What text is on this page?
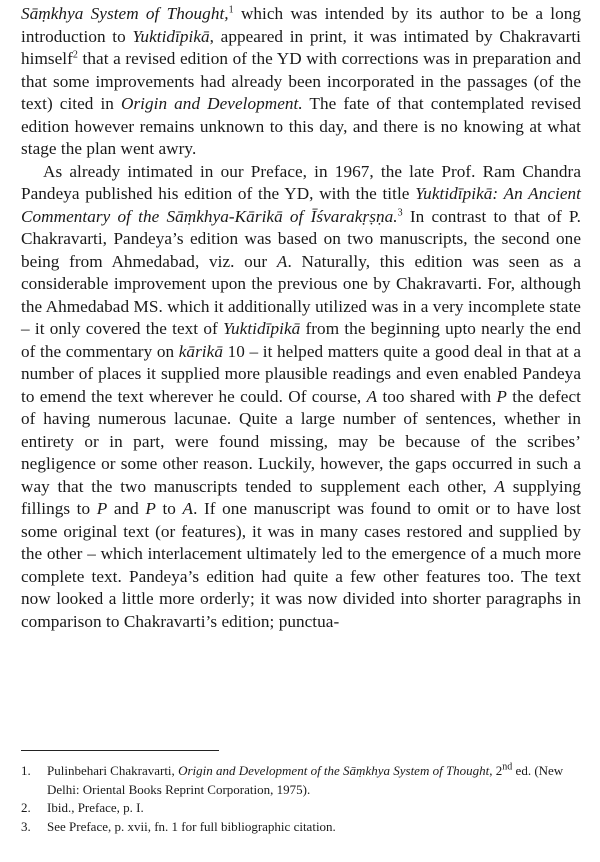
Sāṃkhya System of Thought,$^1$ which was intended by its author to be a long introduction to Yuktidīpikā, appeared in print, it was intimated by Chakravarti himself$^2$ that a revised edition of the YD with corrections was in preparation and that some improvements had already been incorporated in the passages (of the text) cited in Origin and Development. The fate of that contemplated revised edition however remains unknown to this day, and there is no knowing at what stage the plan went awry.

As already intimated in our Preface, in 1967, the late Prof. Ram Chandra Pandeya published his edition of the YD, with the title Yuktidīpikā: An Ancient Commentary of the Sāṃkhya-Kārikā of Īśvarakṛṣṇa.$^3$ In contrast to that of P. Chakravarti, Pandeya’s edition was based on two manuscripts, the second one being from Ahmedabad, viz. our A. Naturally, this edition was seen as a considerable improvement upon the previous one by Chakravarti. For, although the Ahmedabad MS. which it additionally utilized was in a very incomplete state – it only covered the text of Yuktidīpikā from the beginning upto nearly the end of the commentary on kārikā 10 – it helped matters quite a good deal in that at a number of places it supplied more plausible readings and even enabled Pandeya to emend the text wherever he could. Of course, A too shared with P the defect of having numerous lacunae. Quite a large number of sentences, whether in entirety or in part, were found missing, may be because of the scribes’ negligence or some other reason. Luckily, however, the gaps occurred in such a way that the two manuscripts tended to supplement each other, A supplying fillings to P and P to A. If one manuscript was found to omit or to have lost some original text (or features), it was in many cases restored and supplied by the other – which interlacement ultimately led to the emergence of a much more complete text. Pandeya’s edition had quite a few other features too. The text now looked a little more orderly; it was now divided into shorter paragraphs in comparison to Chakravarti’s edition; punctua-

1.	Pulinbehari Chakravarti, Origin and Development of the Sāṃkhya System of Thought, 2nd ed. (New Delhi: Oriental Books Reprint Corporation, 1975).
2.	Ibid., Preface, p. I.
3.	See Preface, p. xvii, fn. 1 for full bibliographic citation.
